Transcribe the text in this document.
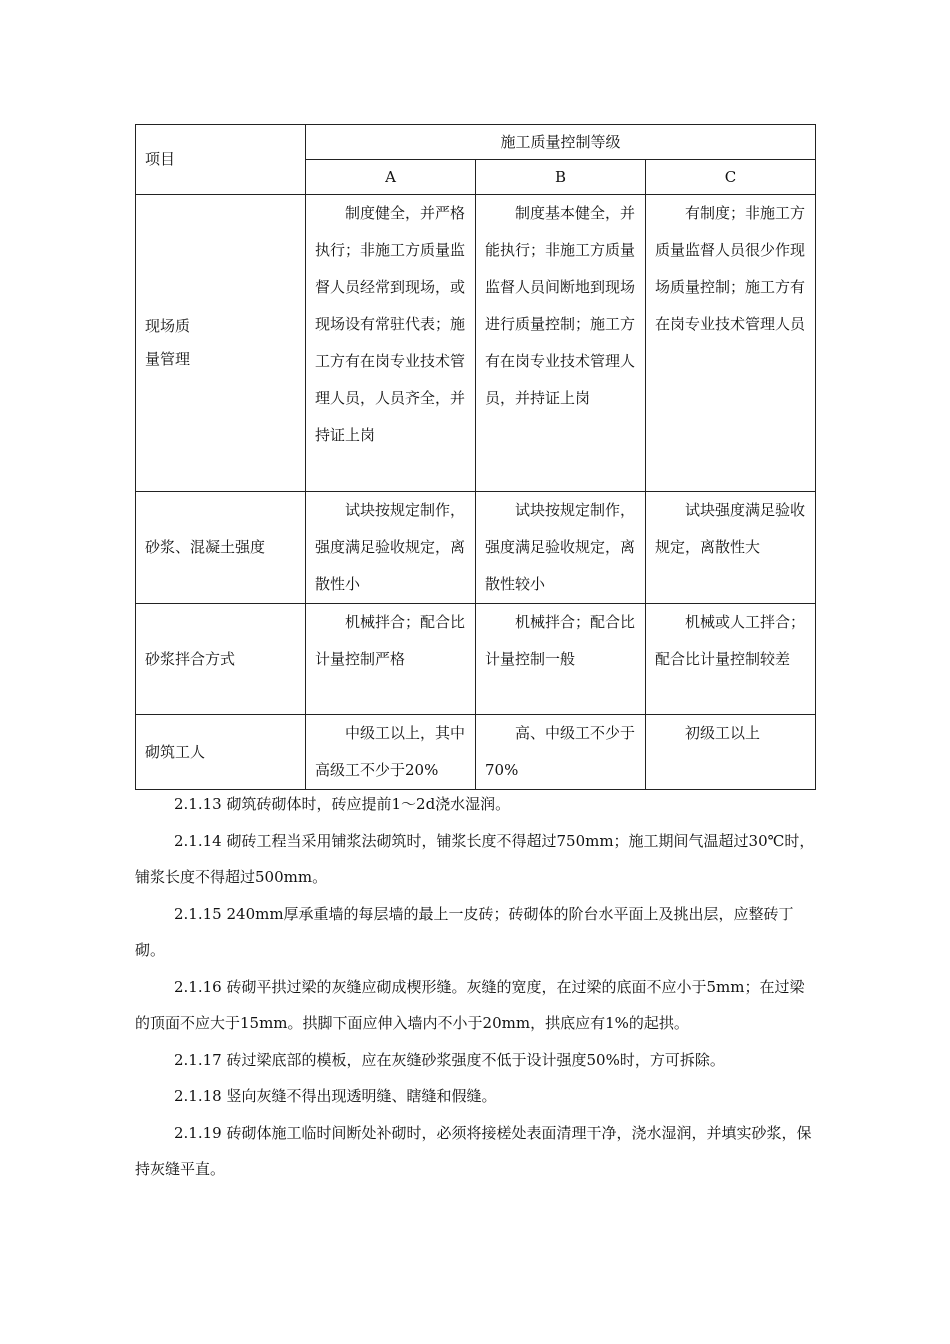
项目	施工质量控制等级		
	A	B	C
现场质
量管理	制度健全，并严格执行；非施工方质量监督人员经常到现场，或现场设有常驻代表；施工方有在岗专业技术管理人员，人员齐全，并持证上岗	制度基本健全，并能执行；非施工方质量监督人员间断地到现场进行质量控制；施工方有在岗专业技术管理人员，并持证上岗	有制度；非施工方质量监督人员很少作现场质量控制；施工方有在岗专业技术管理人员

砂浆、混凝土强度	试块按规定制作，强度满足验收规定，离散性小	试块按规定制作，强度满足验收规定，离散性较小	试块强度满足验收规定，离散性大

砂浆拌合方式	机械拌合；配合比计量控制严格	机械拌合；配合比计量控制一般	机械或人工拌合；配合比计量控制较差

砌筑工人	中级工以上，其中高级工不少于20%	高、中级工不少于70%	初级工以上

2.1.13 砌筑砖砌体时，砖应提前1～2d浇水湿润。

2.1.14 砌砖工程当采用铺浆法砌筑时，铺浆长度不得超过750mm；施工期间气温超过30℃时，铺浆长度不得超过500mm。

2.1.15 240mm厚承重墙的每层墙的最上一皮砖；砖砌体的阶台水平面上及挑出层，应整砖丁砌。

2.1.16 砖砌平拱过梁的灰缝应砌成楔形缝。灰缝的宽度，在过梁的底面不应小于5mm；在过梁的顶面不应大于15mm。拱脚下面应伸入墙内不小于20mm，拱底应有1%的起拱。

2.1.17 砖过梁底部的模板，应在灰缝砂浆强度不低于设计强度50%时，方可拆除。

2.1.18 竖向灰缝不得出现透明缝、瞎缝和假缝。

2.1.19 砖砌体施工临时间断处补砌时，必须将接槎处表面清理干净，浇水湿润，并填实砂浆，保持灰缝平直。
